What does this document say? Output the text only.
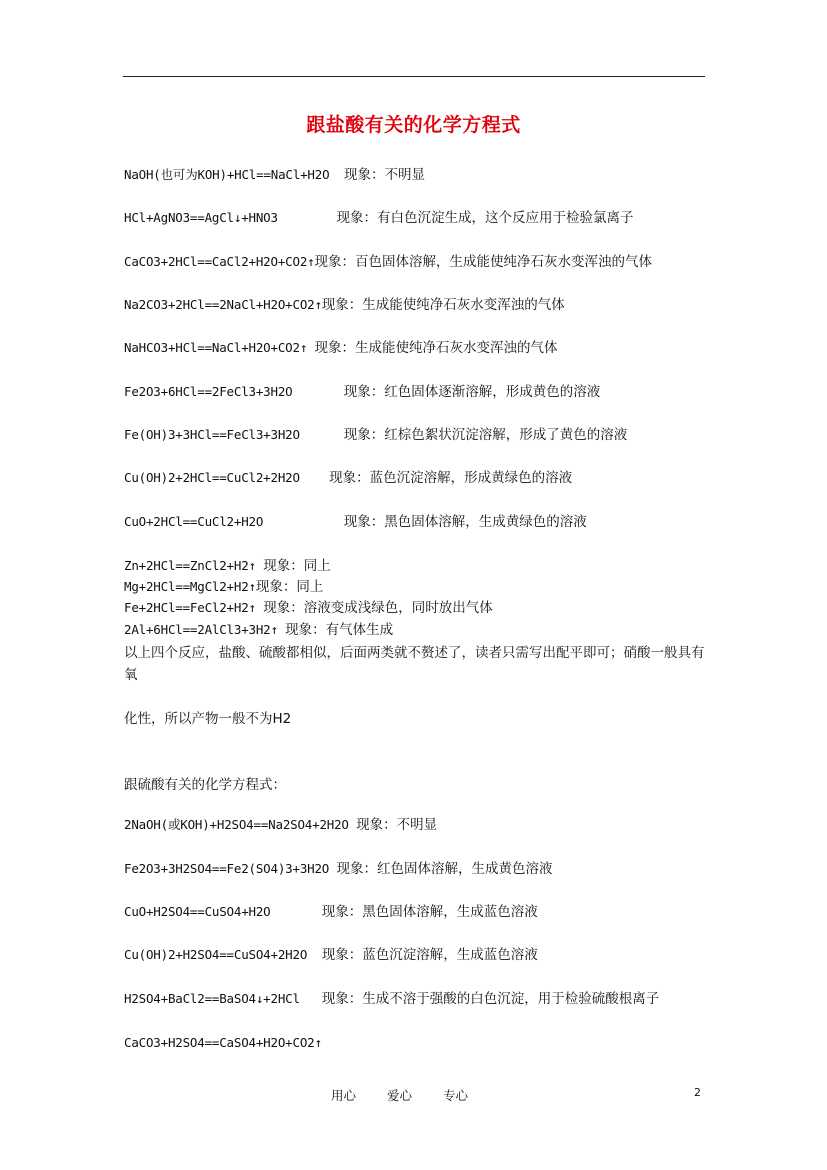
跟盐酸有关的化学方程式
NaOH(也可为KOH)+HCl==NaCl+H2O 现象：不明显
HCl+AgNO3==AgCl↓+HNO3	现象：有白色沉淀生成，这个反应用于检验氯离子
CaCO3+2HCl==CaCl2+H2O+CO2↑现象：百色固体溶解，生成能使纯净石灰水变浑浊的气体
Na2CO3+2HCl==2NaCl+H2O+CO2↑现象：生成能使纯净石灰水变浑浊的气体
NaHCO3+HCl==NaCl+H2O+CO2↑ 现象：生成能使纯净石灰水变浑浊的气体
Fe2O3+6HCl==2FeCl3+3H2O	现象：红色固体逐渐溶解，形成黄色的溶液
Fe(OH)3+3HCl==FeCl3+3H2O	现象：红棕色絮状沉淀溶解，形成了黄色的溶液
Cu(OH)2+2HCl==CuCl2+2H2O 现象：蓝色沉淀溶解，形成黄绿色的溶液
CuO+2HCl==CuCl2+H2O	现象：黑色固体溶解，生成黄绿色的溶液
Zn+2HCl==ZnCl2+H2↑ 现象：同上
Mg+2HCl==MgCl2+H2↑现象：同上
Fe+2HCl==FeCl2+H2↑ 现象：溶液变成浅绿色，同时放出气体
2Al+6HCl==2AlCl3+3H2↑ 现象：有气体生成
以上四个反应，盐酸、硫酸都相似，后面两类就不赘述了，读者只需写出配平即可；硝酸一般具有氧
化性，所以产物一般不为H2
跟硫酸有关的化学方程式：
2NaOH(或KOH)+H2SO4==Na2SO4+2H2O 现象：不明显
Fe2O3+3H2SO4==Fe2(SO4)3+3H2O 现象：红色固体溶解，生成黄色溶液
CuO+H2SO4==CuSO4+H2O	现象：黑色固体溶解，生成蓝色溶液
Cu(OH)2+H2SO4==CuSO4+2H2O 现象：蓝色沉淀溶解，生成蓝色溶液
H2SO4+BaCl2==BaSO4↓+2HCl 现象：生成不溶于强酸的白色沉淀，用于检验硫酸根离子
CaCO3+H2SO4==CaSO4+H2O+CO2↑
用心 爱心 专心	2
